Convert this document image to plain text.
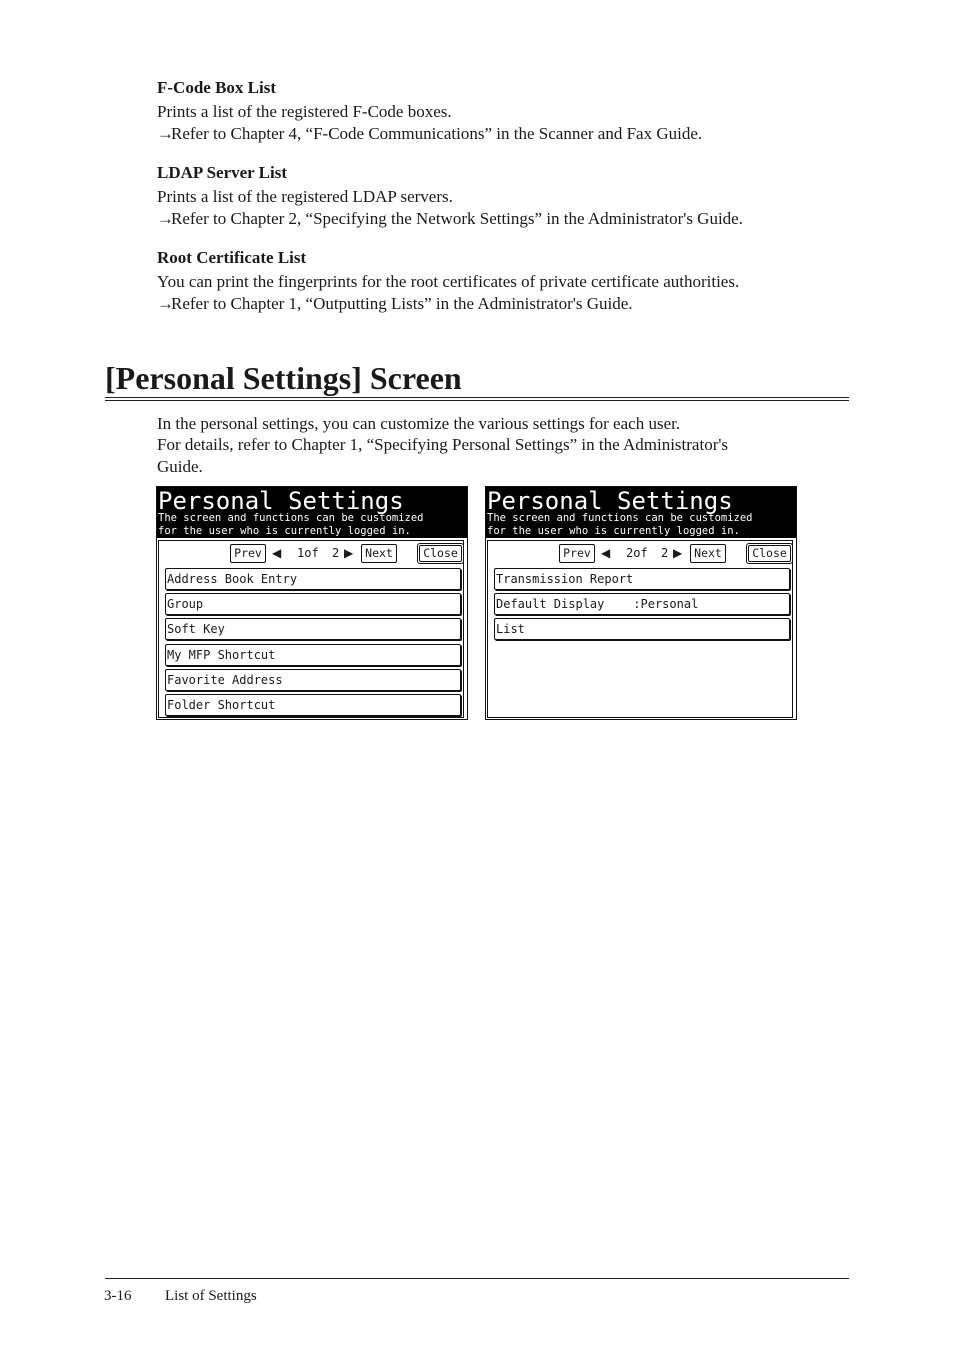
F-Code Box List
Prints a list of the registered F-Code boxes.
→Refer to Chapter 4, “F-Code Communications” in the Scanner and Fax Guide.
LDAP Server List
Prints a list of the registered LDAP servers.
→Refer to Chapter 2, “Specifying the Network Settings” in the Administrator's Guide.
Root Certificate List
You can print the fingerprints for the root certificates of private certificate authorities.
→Refer to Chapter 1, “Outputting Lists” in the Administrator's Guide.
[Personal Settings] Screen
In the personal settings, you can customize the various settings for each user.
For details, refer to Chapter 1, “Specifying Personal Settings” in the Administrator's
Guide.
Personal Settings
The screen and functions can be customized
for the user who is currently logged in.
Prev ◀ 1of 2 ▶	Next	Close
Address Book Entry
Group
Soft Key
My MFP Shortcut
Favorite Address
Folder Shortcut
Personal Settings
The screen and functions can be customized
for the user who is currently logged in.
Prev ◀ 2of 2 ▶	Next	Close
Transmission Report
Default Display    :Personal
List
3-16 List of Settings
